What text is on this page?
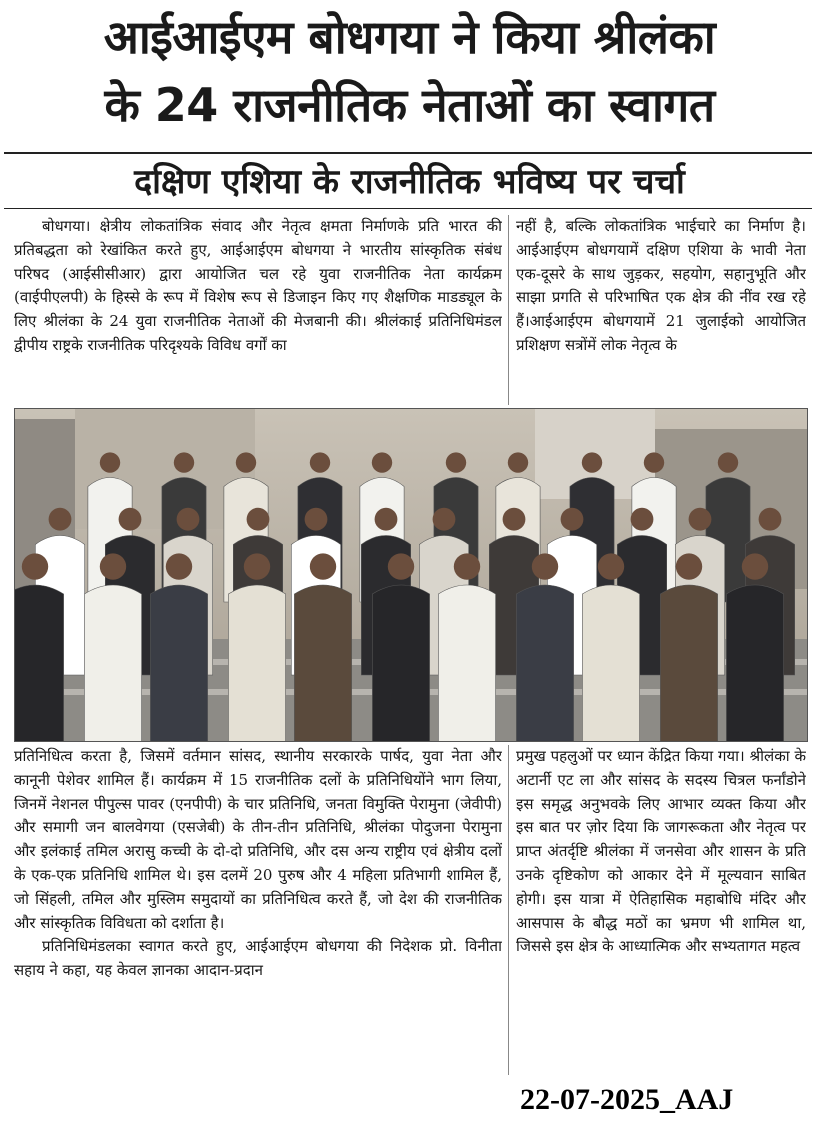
आईआईएम बोधगया ने किया श्रीलंका
के 24 राजनीतिक नेताओं का स्वागत
दक्षिण एशिया के राजनीतिक भविष्य पर चर्चा

बोधगया। क्षेत्रीय लोकतांत्रिक संवाद और नेतृत्व क्षमता निर्माणके प्रति भारत की प्रतिबद्धता को रेखांकित करते हुए, आईआईएम बोधगया ने भारतीय सांस्कृतिक संबंध परिषद (आईसीसीआर) द्वारा आयोजित चल रहे युवा राजनीतिक नेता कार्यक्रम (वाईपीएलपी) के हिस्से के रूप में विशेष रूप से डिजाइन किए गए शैक्षणिक माडड्यूल के लिए श्रीलंका के 24 युवा राजनीतिक नेताओं की मेजबानी की। श्रीलंकाई प्रतिनिधिमंडल द्वीपीय राष्ट्रके राजनीतिक परिदृश्यके विविध वर्गों का

नहीं है, बल्कि लोकतांत्रिक भाईचारे का निर्माण है। आईआईएम बोधगयामें दक्षिण एशिया के भावी नेता एक-दूसरे के साथ जुड़कर, सहयोग, सहानुभूति और साझा प्रगति से परिभाषित एक क्षेत्र की नींव रख रहे हैं।आईआईएम बोधगयामें 21 जुलाईको आयोजित प्रशिक्षण सत्रोंमें लोक नेतृत्व के

प्रतिनिधित्व करता है, जिसमें वर्तमान सांसद, स्थानीय सरकारके पार्षद, युवा नेता और कानूनी पेशेवर शामिल हैं। कार्यक्रम में 15 राजनीतिक दलों के प्रतिनिधियोंने भाग लिया, जिनमें नेशनल पीपुल्स पावर (एनपीपी) के चार प्रतिनिधि, जनता विमुक्ति पेरामुना (जेवीपी) और समागी जन बालवेगया (एसजेबी) के तीन-तीन प्रतिनिधि, श्रीलंका पोदुजना पेरामुना और इलंकाई तमिल अरासु कच्ची के दो-दो प्रतिनिधि, और दस अन्य राष्ट्रीय एवं क्षेत्रीय दलों के एक-एक प्रतिनिधि शामिल थे। इस दलमें 20 पुरुष और 4 महिला प्रतिभागी शामिल हैं, जो सिंहली, तमिल और मुस्लिम समुदायों का प्रतिनिधित्व करते हैं, जो देश की राजनीतिक और सांस्कृतिक विविधता को दर्शाता है।

प्रतिनिधिमंडलका स्वागत करते हुए, आईआईएम बोधगया की निदेशक प्रो. विनीता सहाय ने कहा, यह केवल ज्ञानका आदान-प्रदान

प्रमुख पहलुओं पर ध्यान केंद्रित किया गया। श्रीलंका के अटार्नी एट ला और सांसद के सदस्य चित्रल फर्नांडोने इस समृद्ध अनुभवके लिए आभार व्यक्त किया और इस बात पर ज़ोर दिया कि जागरूकता और नेतृत्व पर प्राप्त अंतर्दृष्टि श्रीलंका में जनसेवा और शासन के प्रति उनके दृष्टिकोण को आकार देने में मूल्यवान साबित होगी। इस यात्रा में ऐतिहासिक महाबोधि मंदिर और आसपास के बौद्ध मठों का भ्रमण भी शामिल था, जिससे इस क्षेत्र के आध्यात्मिक और सभ्यतागत महत्व

22-07-2025_AAJ
